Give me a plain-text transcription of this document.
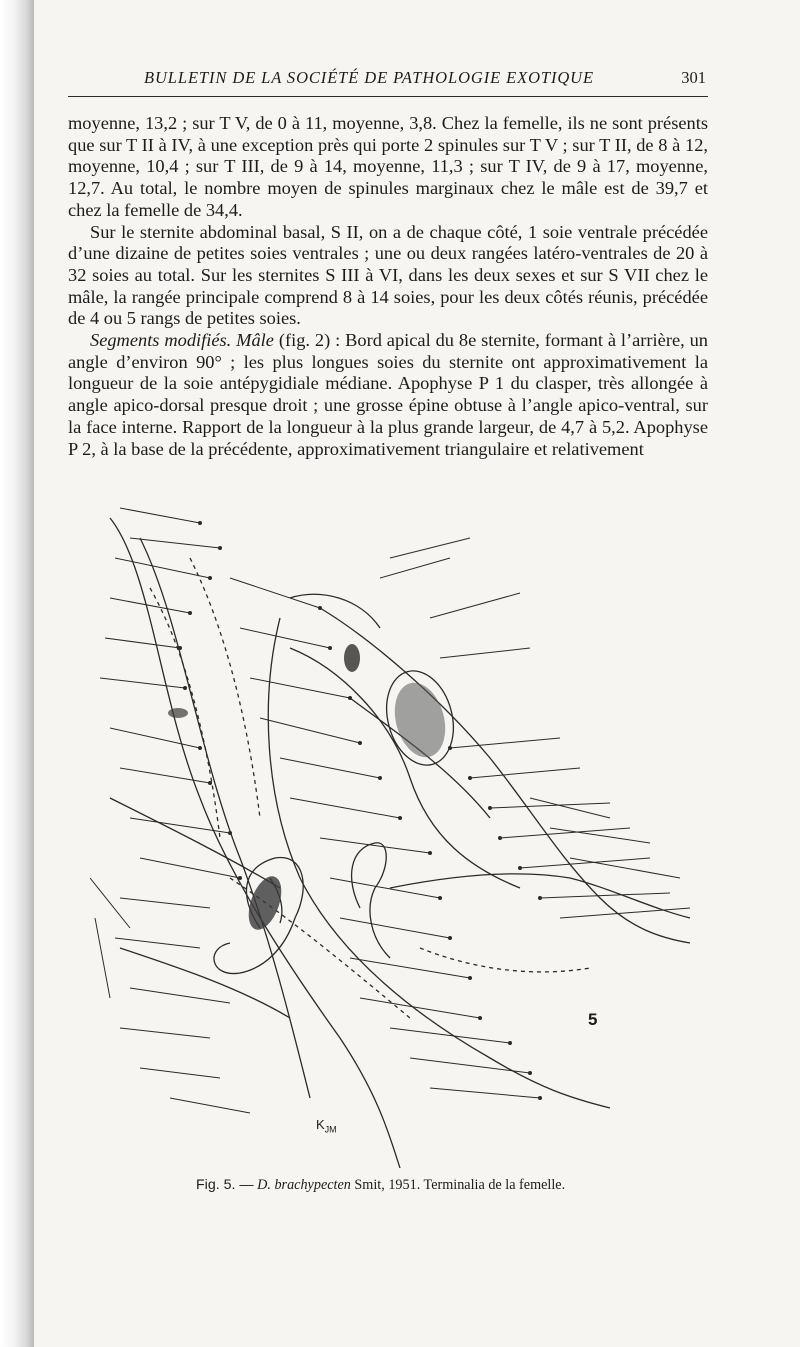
BULLETIN DE LA SOCIÉTÉ DE PATHOLOGIE EXOTIQUE	301

moyenne, 13,2 ; sur T V, de 0 à 11, moyenne, 3,8. Chez la femelle, ils ne sont présents que sur T II à IV, à une exception près qui porte 2 spinules sur T V ; sur T II, de 8 à 12, moyenne, 10,4 ; sur T III, de 9 à 14, moyenne, 11,3 ; sur T IV, de 9 à 17, moyenne, 12,7. Au total, le nombre moyen de spinules marginaux chez le mâle est de 39,7 et chez la femelle de 34,4.

Sur le sternite abdominal basal, S II, on a de chaque côté, 1 soie ventrale précédée d’une dizaine de petites soies ventrales ; une ou deux rangées latéro-ventrales de 20 à 32 soies au total. Sur les sternites S III à VI, dans les deux sexes et sur S VII chez le mâle, la rangée principale comprend 8 à 14 soies, pour les deux côtés réunis, précédée de 4 ou 5 rangs de petites soies.

Segments modifiés. Mâle (fig. 2) : Bord apical du 8e sternite, formant à l’arrière, un angle d’environ 90° ; les plus longues soies du sternite ont approximativement la longueur de la soie antépygidiale médiane. Apophyse P 1 du clasper, très allongée à angle apico-dorsal presque droit ; une grosse épine obtuse à l’angle apico-ventral, sur la face interne. Rapport de la longueur à la plus grande largeur, de 4,7 à 5,2. Apophyse P 2, à la base de la précédente, approximativement triangulaire et relativement

5
$K_{JM}$
Fig. 5. — D. brachypecten Smit, 1951. Terminalia de la femelle.
